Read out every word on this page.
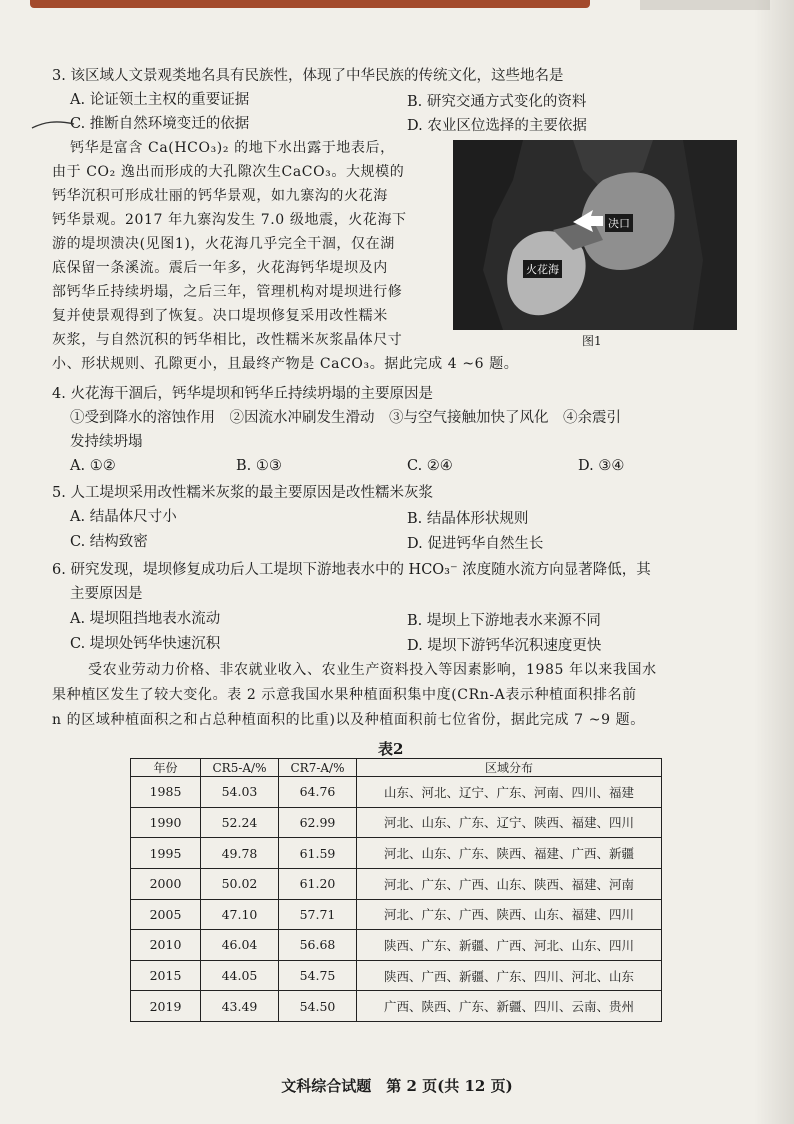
3. 该区域人文景观类地名具有民族性，体现了中华民族的传统文化，这些地名是
A. 论证领土主权的重要证据	B. 研究交通方式变化的资料
C. 推断自然环境变迁的依据	D. 农业区位选择的主要依据
钙华是富含 Ca(HCO₃)₂ 的地下水出露于地表后，
由于 CO₂ 逸出而形成的大孔隙次生CaCO₃。大规模的
钙华沉积可形成壮丽的钙华景观，如九寨沟的火花海
钙华景观。2017 年九寨沟发生 7.0 级地震，火花海下
游的堤坝溃决(见图1)，火花海几乎完全干涸，仅在湖
底保留一条溪流。震后一年多，火花海钙华堤坝及内
部钙华丘持续坍塌，之后三年，管理机构对堤坝进行修
复并使景观得到了恢复。决口堤坝修复采用改性糯米
灰浆，与自然沉积的钙华相比，改性糯米灰浆晶体尺寸
小、形状规则、孔隙更小，且最终产物是 CaCO₃。据此完成 4 ~6 题。
决口
火花海
图1
4. 火花海干涸后，钙华堤坝和钙华丘持续坍塌的主要原因是
①受到降水的溶蚀作用　②因流水冲刷发生滑动　③与空气接触加快了风化　④余震引
发持续坍塌
A. ①②	B. ①③	C. ②④	D. ③④
5. 人工堤坝采用改性糯米灰浆的最主要原因是改性糯米灰浆
A. 结晶体尺寸小	B. 结晶体形状规则
C. 结构致密	D. 促进钙华自然生长
6. 研究发现，堤坝修复成功后人工堤坝下游地表水中的 HCO₃⁻ 浓度随水流方向显著降低，其
主要原因是
A. 堤坝阻挡地表水流动	B. 堤坝上下游地表水来源不同
C. 堤坝处钙华快速沉积	D. 堤坝下游钙华沉积速度更快
受农业劳动力价格、非农就业收入、农业生产资料投入等因素影响，1985 年以来我国水
果种植区发生了较大变化。表 2 示意我国水果种植面积集中度(CRn-A表示种植面积排名前
n 的区域种植面积之和占总种植面积的比重)以及种植面积前七位省份，据此完成 7 ~9 题。
表2
年份	CR5-A/%	CR7-A/%	区域分布
1985	54.03	64.76	山东、河北、辽宁、广东、河南、四川、福建
1990	52.24	62.99	河北、山东、广东、辽宁、陕西、福建、四川
1995	49.78	61.59	河北、山东、广东、陕西、福建、广西、新疆
2000	50.02	61.20	河北、广东、广西、山东、陕西、福建、河南
2005	47.10	57.71	河北、广东、广西、陕西、山东、福建、四川
2010	46.04	56.68	陕西、广东、新疆、广西、河北、山东、四川
2015	44.05	54.75	陕西、广西、新疆、广东、四川、河北、山东
2019	43.49	54.50	广西、陕西、广东、新疆、四川、云南、贵州
文科综合试题　第 2 页(共 12 页)
